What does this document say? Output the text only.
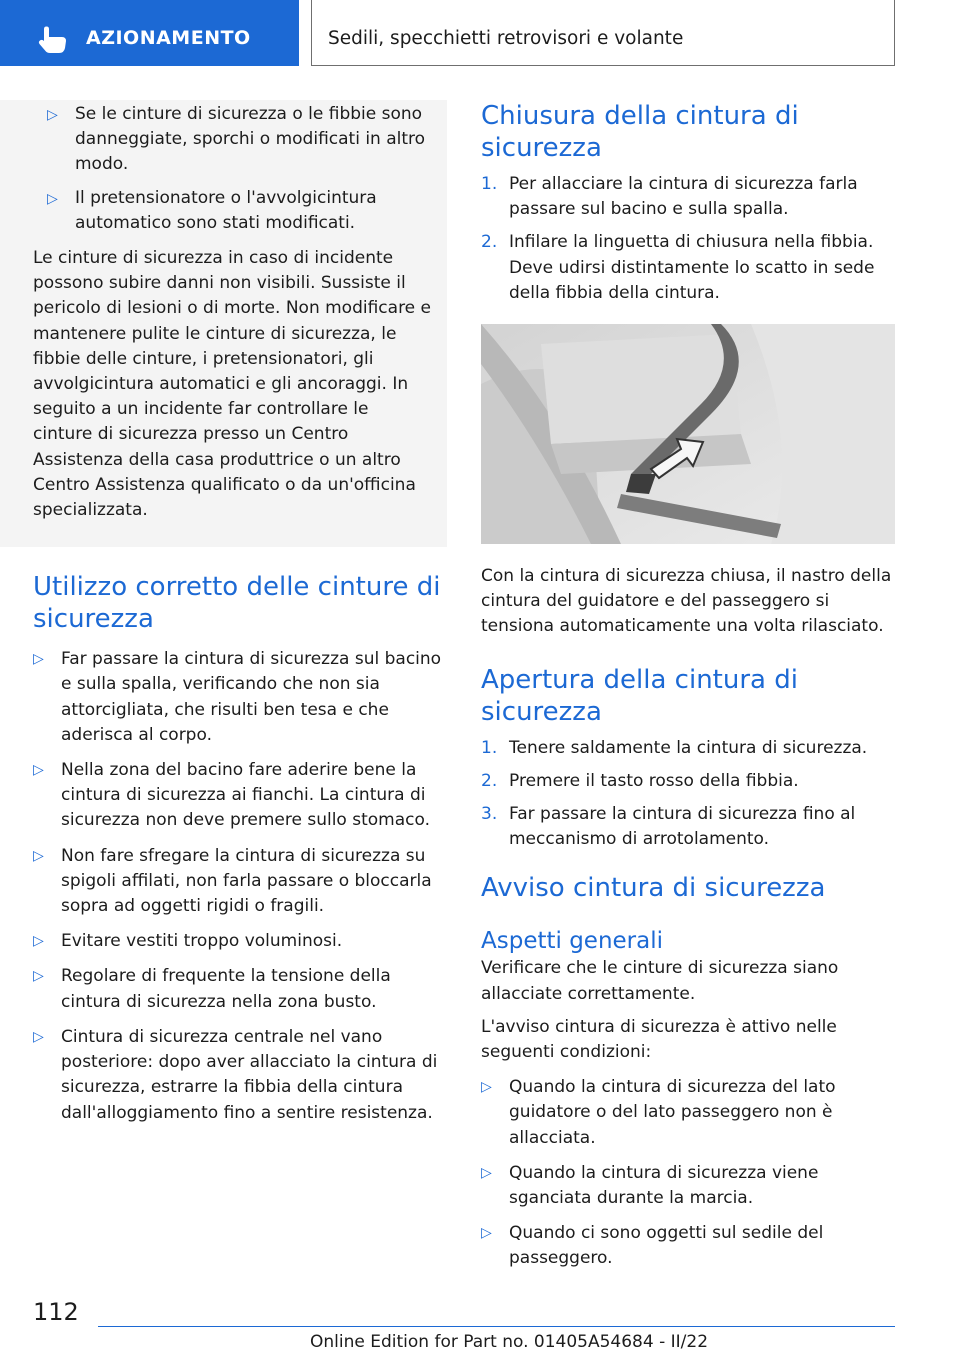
AZIONAMENTO	Sedili, specchietti retrovisori e volante
▷ Se le cinture di sicurezza o le fibbie sono danneggiate, sporchi o modificati in altro modo.
▷ Il pretensionatore o l'avvolgicintura automatico sono stati modificati.

Le cinture di sicurezza in caso di incidente possono subire danni non visibili. Sussiste il pericolo di lesioni o di morte. Non modificare e mantenere pulite le cinture di sicurezza, le fibbie delle cinture, i pretensionatori, gli avvolgicintura automatici e gli ancoraggi. In seguito a un incidente far controllare le cinture di sicurezza presso un Centro Assistenza della casa produttrice o un altro Centro Assistenza qualificato o da un'officina specializzata.

Utilizzo corretto delle cinture di sicurezza
▷ Far passare la cintura di sicurezza sul bacino e sulla spalla, verificando che non sia attorcigliata, che risulti ben tesa e che aderisca al corpo.
▷ Nella zona del bacino fare aderire bene la cintura di sicurezza ai fianchi. La cintura di sicurezza non deve premere sullo stomaco.
▷ Non fare sfregare la cintura di sicurezza su spigoli affilati, non farla passare o bloccarla sopra ad oggetti rigidi o fragili.
▷ Evitare vestiti troppo voluminosi.
▷ Regolare di frequente la tensione della cintura di sicurezza nella zona busto.
▷ Cintura di sicurezza centrale nel vano posteriore: dopo aver allacciato la cintura di sicurezza, estrarre la fibbia della cintura dall'alloggiamento fino a sentire resistenza.
Chiusura della cintura di sicurezza
1. Per allacciare la cintura di sicurezza farla passare sul bacino e sulla spalla.
2. Infilare la linguetta di chiusura nella fibbia. Deve udirsi distintamente lo scatto in sede della fibbia della cintura.

Con la cintura di sicurezza chiusa, il nastro della cintura del guidatore e del passeggero si tensiona automaticamente una volta rilasciato.

Apertura della cintura di sicurezza
1. Tenere saldamente la cintura di sicurezza.
2. Premere il tasto rosso della fibbia.
3. Far passare la cintura di sicurezza fino al meccanismo di arrotolamento.
Avviso cintura di sicurezza
Aspetti generali

Verificare che le cinture di sicurezza siano allacciate correttamente.

L'avviso cintura di sicurezza è attivo nelle seguenti condizioni:

▷ Quando la cintura di sicurezza del lato guidatore o del lato passeggero non è allacciata.
▷ Quando la cintura di sicurezza viene sganciata durante la marcia.
▷ Quando ci sono oggetti sul sedile del passeggero.
112
Online Edition for Part no. 01405A54684 - II/22
